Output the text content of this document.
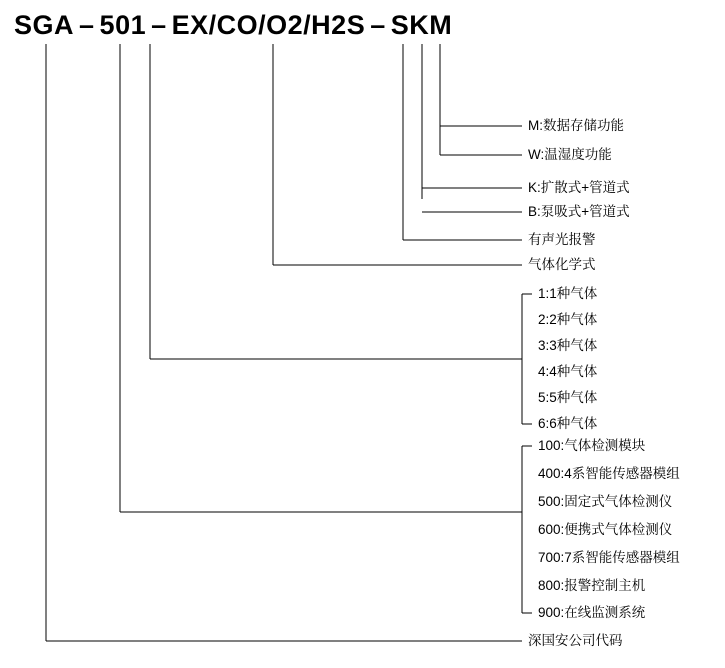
SGA – 501 – EX/CO/O2/H2S – SKM
M:数据存储功能
W:温湿度功能
K:扩散式+管道式
B:泵吸式+管道式
有声光报警
气体化学式
1:1种气体
2:2种气体
3:3种气体
4:4种气体
5:5种气体
6:6种气体
100:气体检测模块
400:4系智能传感器模组
500:固定式气体检测仪
600:便携式气体检测仪
700:7系智能传感器模组
800:报警控制主机
900:在线监测系统
深国安公司代码
